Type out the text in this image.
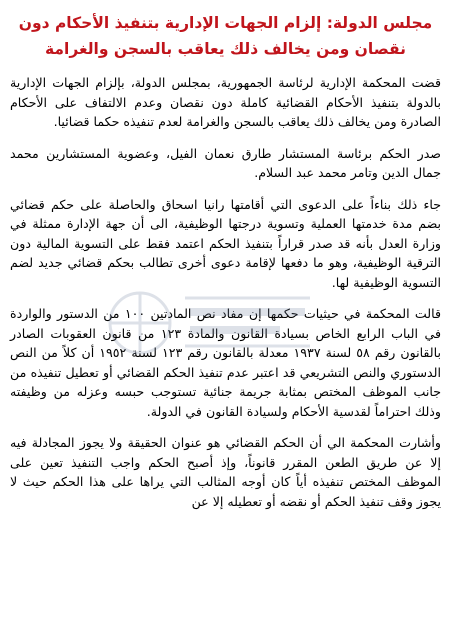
مجلس الدولة: إلزام الجهات الإدارية بتنفيذ الأحكام دون نقصان ومن يخالف ذلك يعاقب بالسجن والغرامة

قضت المحكمة الإدارية لرئاسة الجمهورية، بمجلس الدولة، بإلزام الجهات الإدارية بالدولة بتنفيذ الأحكام القضائية كاملة دون نقصان وعدم الالتفاف على الأحكام الصادرة ومن يخالف ذلك يعاقب بالسجن والغرامة لعدم تنفيذه حكما قضائيا.

صدر الحكم برئاسة المستشار طارق نعمان الفيل، وعضوية المستشارين محمد جمال الدين وتامر محمد عبد السلام.

جاء ذلك بناءاً على الدعوى التي أقامتها رانيا اسحاق والحاصلة على حكم قضائي بضم مدة خدمتها العملية وتسوية درجتها الوظيفية، الى أن جهة الإدارة ممثلة في وزارة العدل بأنه قد صدر قراراً بتنفيذ الحكم اعتمد فقط على التسوية المالية دون الترقية الوظيفية، وهو ما دفعها لإقامة دعوى أخرى تطالب بحكم قضائي جديد لضم التسوية الوظيفية لها.

قالت المحكمة في حيثيات حكمها إن مفاد نص المادتين ١٠٠ من الدستور والواردة في الباب الرابع الخاص بسيادة القانون والمادة ١٢٣ من قانون العقوبات الصادر بالقانون رقم ٥٨ لسنة ١٩٣٧ معدلة بالقانون رقم ١٢٣ لسنة ١٩٥٢ أن كلاً من النص الدستوري والنص التشريعي قد اعتبر عدم تنفيذ الحكم القضائي أو تعطيل تنفيذه من جانب الموظف المختص بمثابة جريمة جنائية تستوجب حبسه وعزله من وظيفته وذلك احتراماً لقدسية الأحكام ولسيادة القانون في الدولة.

وأشارت المحكمة الي أن الحكم القضائي هو عنوان الحقيقة ولا يجوز المجادلة فيه إلا عن طريق الطعن المقرر قانوناً، وإذ أصبح الحكم واجب التنفيذ تعين على الموظف المختص تنفيذه أياً كان أوجه المثالب التي يراها على هذا الحكم حيث لا يجوز وقف تنفيذ الحكم أو نقضه أو تعطيله إلا عن
